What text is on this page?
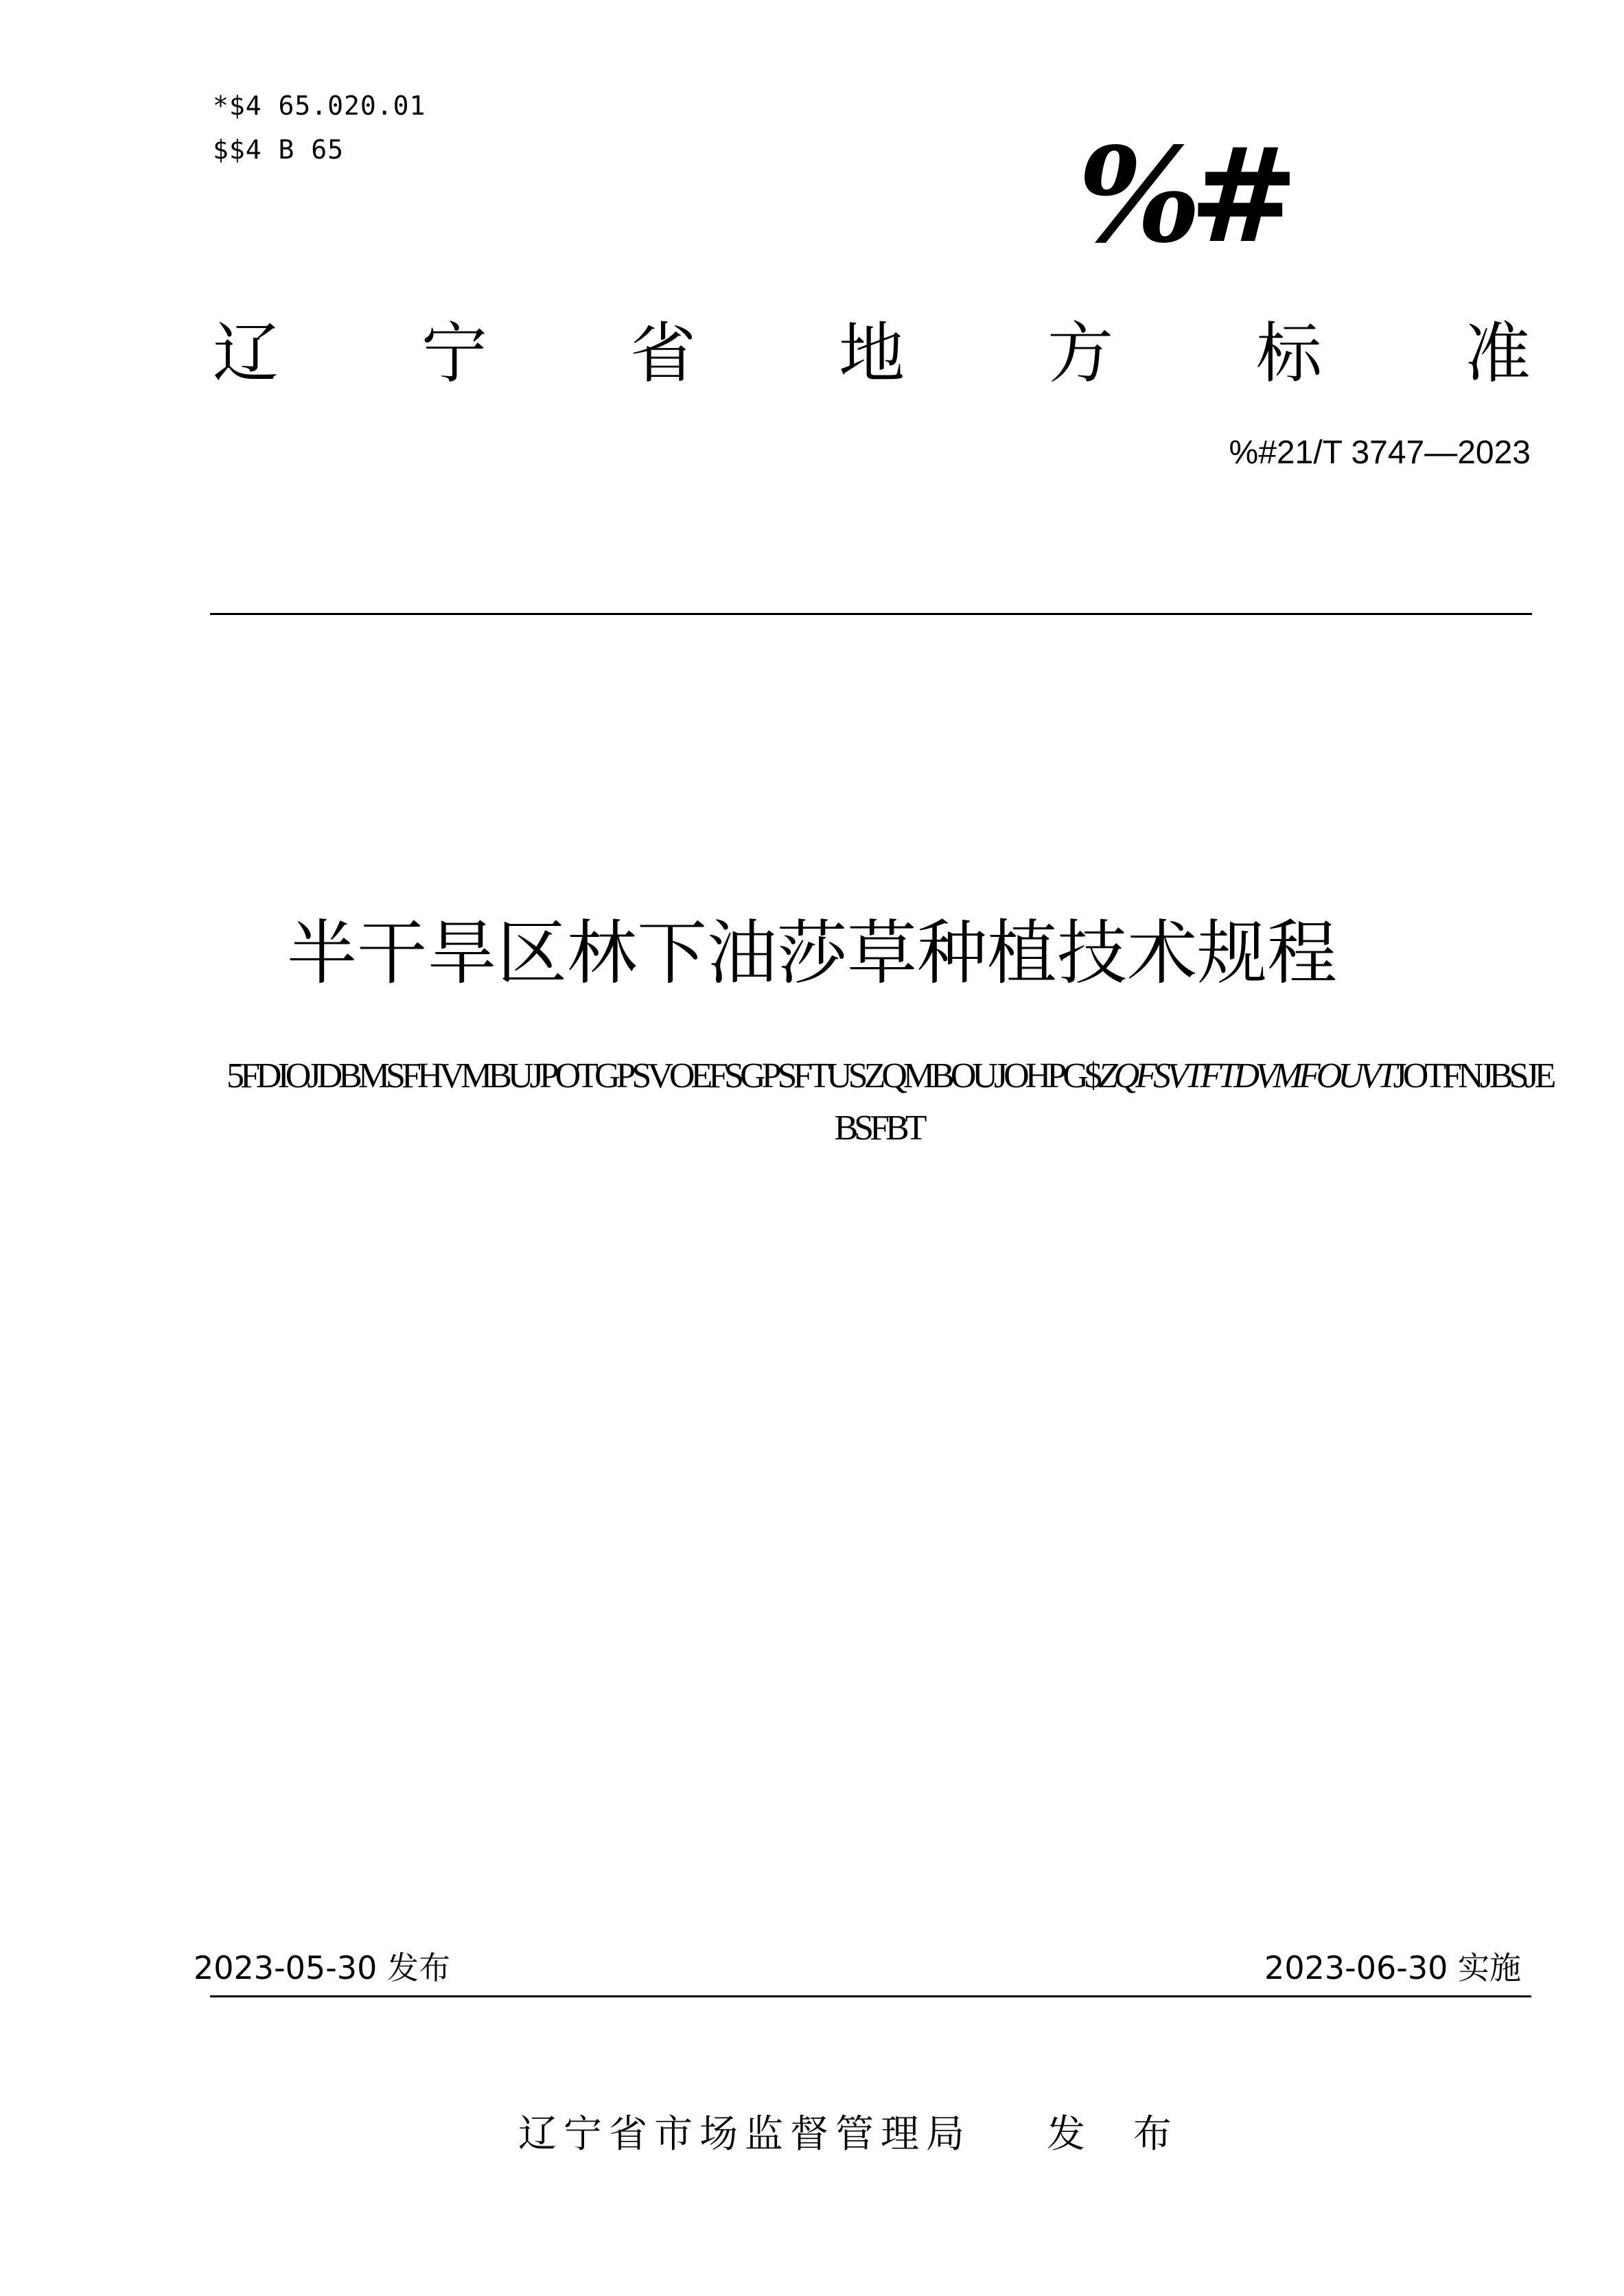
*$4 65.020.01
$$4 B 65	%#
辽 宁 省 地 方 标 准
%#21/T 3747—2023
半干旱区林下油莎草种植技术规程
5FDIOJDBMSFHVMBUJPOTGPSVOEFSGPSFTUSZQMBOUJOHPG$ZQFSVTFTDVMFOUVTJOTFNJBSJE
BSFBT
2023-05-30 发布	2023-06-30 实施
辽宁省市场监督管理局 发 布
